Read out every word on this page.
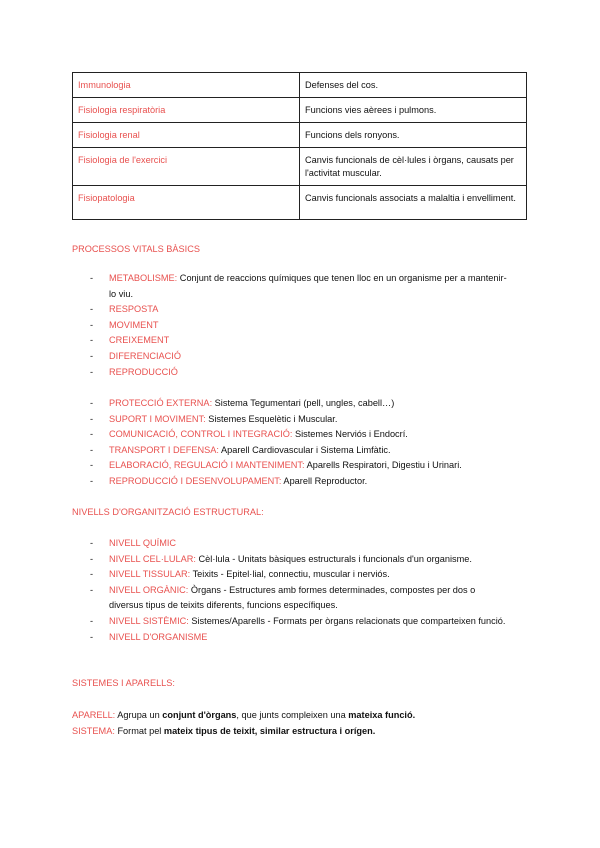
Immunologia	Defenses del cos.
Fisiologia respiratòria	Funcions vies aèrees i pulmons.
Fisiologia renal	Funcions dels ronyons.
Fisiologia de l'exercici	Canvis funcionals de cèl·lules i òrgans, causats per l'activitat muscular.
Fisiopatologia	Canvis funcionals associats a malaltia i envelliment.
PROCESSOS VITALS BÀSICS
- METABOLISME: Conjunt de reaccions químiques que tenen lloc en un organisme per a mantenir-lo viu.
- RESPOSTA
- MOVIMENT
- CREIXEMENT
- DIFERENCIACIÓ
- REPRODUCCIÓ
- PROTECCIÓ EXTERNA: Sistema Tegumentari (pell, ungles, cabell…)
- SUPORT I MOVIMENT: Sistemes Esquelètic i Muscular.
- COMUNICACIÓ, CONTROL I INTEGRACIÓ: Sistemes Nerviós i Endocrí.
- TRANSPORT I DEFENSA: Aparell Cardiovascular i Sistema Limfàtic.
- ELABORACIÓ, REGULACIÓ I MANTENIMENT: Aparells Respiratori, Digestiu i Urinari.
- REPRODUCCIÓ I DESENVOLUPAMENT: Aparell Reproductor.
NIVELLS D'ORGANITZACIÓ ESTRUCTURAL:
- NIVELL QUÍMIC
- NIVELL CEL·LULAR: Cèl·lula - Unitats bàsiques estructurals i funcionals d'un organisme.
- NIVELL TISSULAR: Teixits - Epitel·lial, connectiu, muscular i nerviós.
- NIVELL ORGÀNIC: Òrgans - Estructures amb formes determinades, compostes per dos o diversus tipus de teixits diferents, funcions específiques.
- NIVELL SISTÈMIC: Sistemes/Aparells - Formats per òrgans relacionats que comparteixen funció.
- NIVELL D'ORGANISME
SISTEMES I APARELLS:
APARELL: Agrupa un conjunt d'òrgans, que junts compleixen una mateixa funció.
SISTEMA: Format pel mateix tipus de teixit, similar estructura i orígen.
